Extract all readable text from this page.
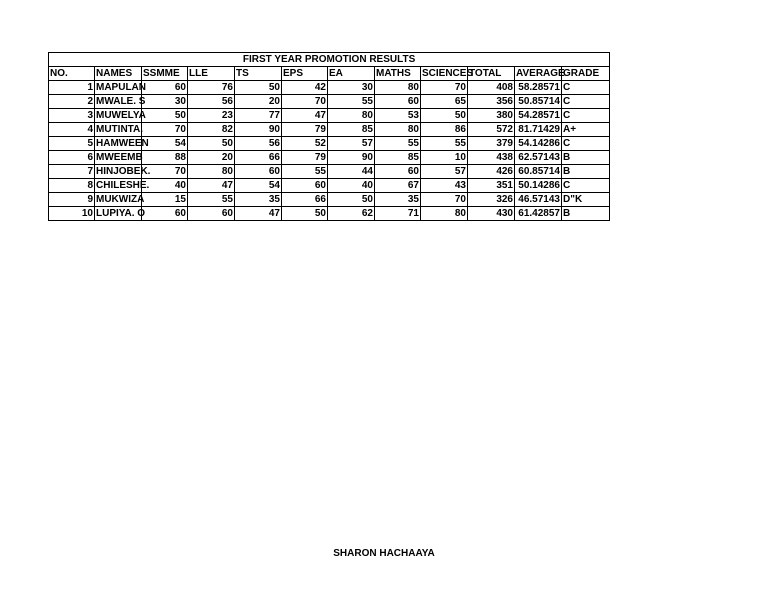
FIRST YEAR PROMOTION RESULTS											
NO.	NAMES	SSMME	LLE	TS	EPS	EA	MATHS	SCIENCES	TOTAL	AVERAGE	GRADE
1	MAPULAN	60	76	50	42	30	80	70	408	58.28571	C
2	MWALE. S	30	56	20	70	55	60	65	356	50.85714	C
3	MUWELYA	50	23	77	47	80	53	50	380	54.28571	C
4	MUTINTA.	70	82	90	79	85	80	86	572	81.71429	A+
5	HAMWEEN	54	50	56	52	57	55	55	379	54.14286	C
6	MWEEMB	88	20	66	79	90	85	10	438	62.57143	B
7	HINJOBEK.	70	80	60	55	44	60	57	426	60.85714	B
8	CHILESHE.	40	47	54	60	40	67	43	351	50.14286	C
9	MUKWIZA	15	55	35	66	50	35	70	326	46.57143	D"K
10	LUPIYA. O	60	60	47	50	62	71	80	430	61.42857	B
SHARON HACHAAYA
